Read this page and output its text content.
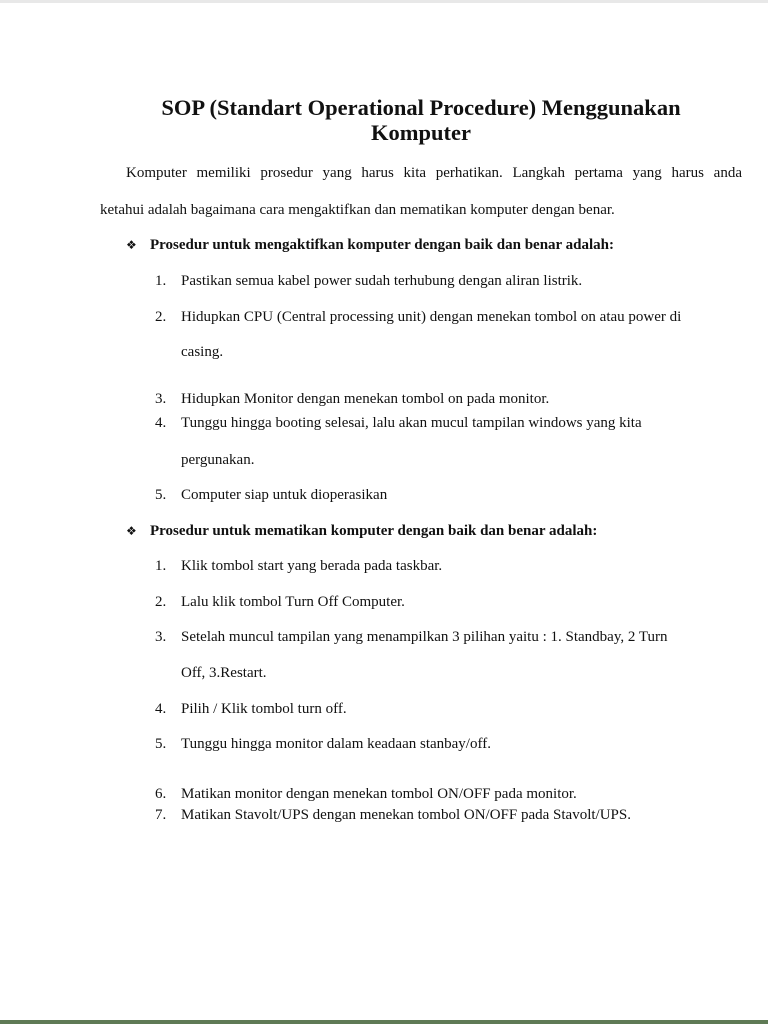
SOP (Standart Operational Procedure) Menggunakan
Komputer

Komputer memiliki prosedur yang harus kita perhatikan. Langkah pertama yang harus anda

ketahui adalah bagaimana cara mengaktifkan dan mematikan komputer dengan benar.

❖ Prosedur untuk mengaktifkan komputer dengan baik dan benar adalah:
1. Pastikan semua kabel power sudah terhubung dengan aliran listrik.
2. Hidupkan CPU (Central processing unit) dengan menekan tombol on atau power di
casing.
3. Hidupkan Monitor dengan menekan tombol on pada monitor.
4. Tunggu hingga booting selesai, lalu akan mucul tampilan windows yang kita
pergunakan.
5. Computer siap untuk dioperasikan
❖ Prosedur untuk mematikan komputer dengan baik dan benar adalah:
1. Klik tombol start yang berada pada taskbar.
2. Lalu klik tombol Turn Off Computer.
3. Setelah muncul tampilan yang menampilkan 3 pilihan yaitu : 1. Standbay, 2 Turn
Off, 3.Restart.
4. Pilih / Klik tombol turn off.
5. Tunggu hingga monitor dalam keadaan stanbay/off.
6. Matikan monitor dengan menekan tombol ON/OFF pada monitor.
7. Matikan Stavolt/UPS dengan menekan tombol ON/OFF pada Stavolt/UPS.
